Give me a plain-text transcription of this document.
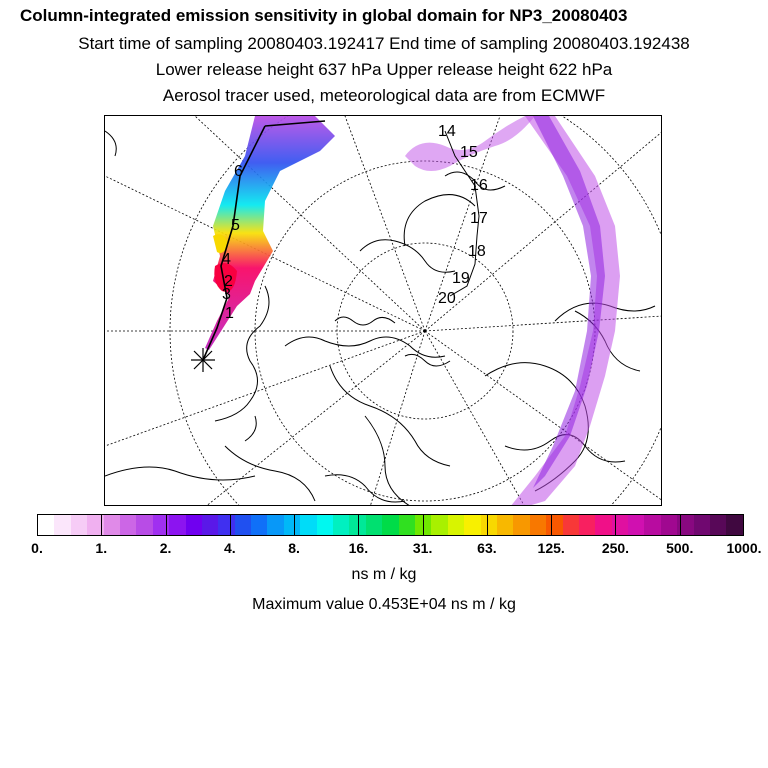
Column-integrated emission sensitivity in global domain for NP3_20080403
Start time of sampling 20080403.192417 End time of sampling 20080403.192438
Lower release height 637 hPa Upper release height 622 hPa
Aerosol tracer used, meteorological data are from ECMWF
1
2
3
4
5
6
14
15
16
17
18
19
20
0.	1.	2.	4.	8.	16.	31.	63.	125.	250.	500. 1000.
ns m / kg
Maximum value 0.453E+04 ns m / kg
